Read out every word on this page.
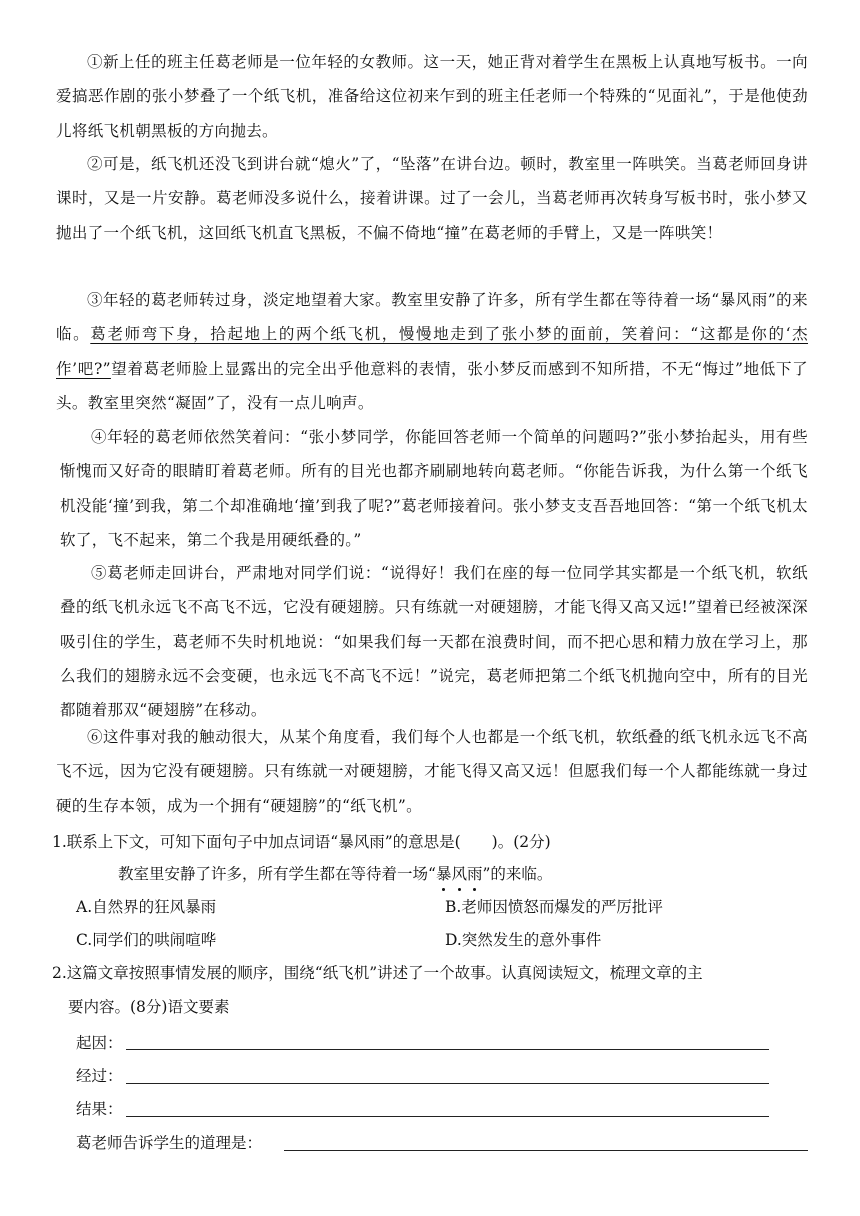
①新上任的班主任葛老师是一位年轻的女教师。这一天，她正背对着学生在黑板上认真地写板书。一向爱搞恶作剧的张小梦叠了一个纸飞机，准备给这位初来乍到的班主任老师一个特殊的“见面礼”，于是他使劲儿将纸飞机朝黑板的方向抛去。

②可是，纸飞机还没飞到讲台就“熄火”了，“坠落”在讲台边。顿时，教室里一阵哄笑。当葛老师回身讲课时，又是一片安静。葛老师没多说什么，接着讲课。过了一会儿，当葛老师再次转身写板书时，张小梦又抛出了一个纸飞机，这回纸飞机直飞黑板，不偏不倚地“撞”在葛老师的手臂上，又是一阵哄笑！

③年轻的葛老师转过身，淡定地望着大家。教室里安静了许多，所有学生都在等待着一场“暴风雨”的来临。葛老师弯下身，拾起地上的两个纸飞机，慢慢地走到了张小梦的面前，笑着问：“这都是你的‘杰作’吧?”望着葛老师脸上显露出的完全出乎他意料的表情，张小梦反而感到不知所措，不无“悔过”地低下了头。教室里突然“凝固”了，没有一点儿响声。

④年轻的葛老师依然笑着问：“张小梦同学，你能回答老师一个简单的问题吗?”张小梦抬起头，用有些惭愧而又好奇的眼睛盯着葛老师。所有的目光也都齐刷刷地转向葛老师。“你能告诉我，为什么第一个纸飞机没能‘撞’到我，第二个却准确地‘撞’到我了呢?”葛老师接着问。张小梦支支吾吾地回答：“第一个纸飞机太软了，飞不起来，第二个我是用硬纸叠的。”

⑤葛老师走回讲台，严肃地对同学们说：“说得好！我们在座的每一位同学其实都是一个纸飞机，软纸叠的纸飞机永远飞不高飞不远，它没有硬翅膀。只有练就一对硬翅膀，才能飞得又高又远!”望着已经被深深吸引住的学生，葛老师不失时机地说：“如果我们每一天都在浪费时间，而不把心思和精力放在学习上，那么我们的翅膀永远不会变硬，也永远飞不高飞不远！”说完，葛老师把第二个纸飞机抛向空中，所有的目光都随着那双“硬翅膀”在移动。

⑥这件事对我的触动很大，从某个角度看，我们每个人也都是一个纸飞机，软纸叠的纸飞机永远飞不高飞不远，因为它没有硬翅膀。只有练就一对硬翅膀，才能飞得又高又远！但愿我们每一个人都能练就一身过硬的生存本领，成为一个拥有“硬翅膀”的“纸飞机”。

1.联系上下文，可知下面句子中加点词语“暴风雨”的意思是(　　)。(2分)
教室里安静了许多，所有学生都在等待着一场“暴风雨”的来临。
A.自然界的狂风暴雨	B.老师因愤怒而爆发的严厉批评
C.同学们的哄闹喧哗	D.突然发生的意外事件
2.这篇文章按照事情发展的顺序，围绕“纸飞机”讲述了一个故事。认真阅读短文，梳理文章的主
要内容。(8分)语文要素
起因：
经过：
结果：
葛老师告诉学生的道理是：
